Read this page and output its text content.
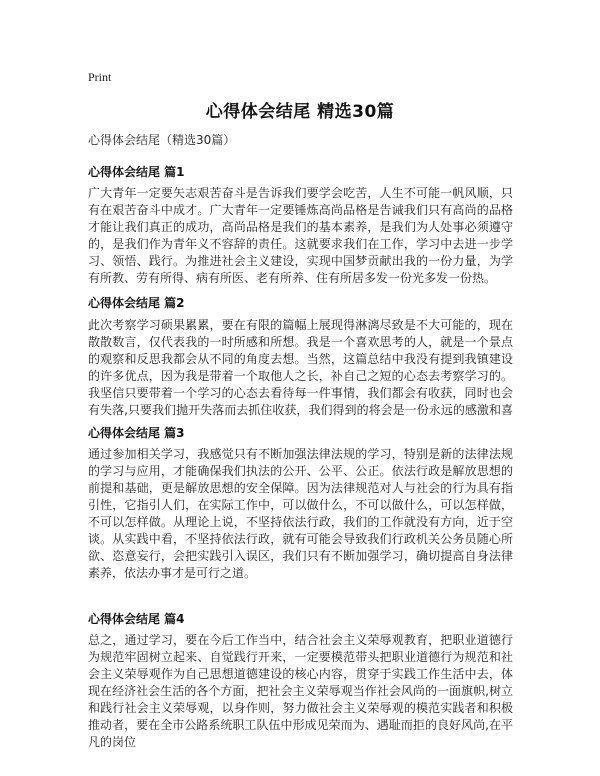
Print
心得体会结尾 精选30篇
心得体会结尾（精选30篇）
心得体会结尾 篇1
广大青年一定要矢志艰苦奋斗是告诉我们要学会吃苦，人生不可能一帆风顺，只有在艰苦奋斗中成才。广大青年一定要锤炼高尚品格是告诫我们只有高尚的品格才能让我们真正的成功，高尚品格是我们的基本素养，是我们为人处事必须遵守的，是我们作为青年义不容辞的责任。这就要求我们在工作，学习中去进一步学习、领悟、践行。为推进社会主义建设，实现中国梦贡献出我的一份力量，为学有所教、劳有所得、病有所医、老有所养、住有所居多发一份光多发一份热。
心得体会结尾 篇2
此次考察学习硕果累累，要在有限的篇幅上展现得淋漓尽致是不大可能的，现在散散数言，仅代表我的一时所感和所想。我是一个喜欢思考的人，就是一个景点的观察和反思我都会从不同的角度去想。当然，这篇总结中我没有提到我镇建设的许多优点，因为我是带着一个取他人之长，补自己之短的心态去考察学习的。我坚信只要带着一个学习的心态去看待每一件事情，我们都会有收获，同时也会有失落,只要我们抛开失落而去抓住收获，我们得到的将会是一份永远的感激和喜
心得体会结尾 篇3
通过参加相关学习，我感觉只有不断加强法律法规的学习，特别是新的法律法规的学习与应用，才能确保我们执法的公开、公平、公正。依法行政是解放思想的前提和基础，更是解放思想的安全保障。因为法律规范对人与社会的行为具有指引性，它指引人们，在实际工作中，可以做什么，不可以做什么，可以怎样做，不可以怎样做。从理论上说，不坚持依法行政，我们的工作就没有方向，近于空谈。从实践中看，不坚持依法行政，就有可能会导致我们行政机关公务员随心所欲、恣意妄行，会把实践引入误区，我们只有不断加强学习，确切提高自身法律素养，依法办事才是可行之道。
心得体会结尾 篇4
总之，通过学习，要在今后工作当中，结合社会主义荣辱观教育，把职业道德行为规范牢固树立起来、自觉践行开来，一定要模范带头把职业道德行为规范和社会主义荣辱观作为自己思想道德建设的核心内容，贯穿于实践工作生活中去，体现在经济社会生活的各个方面，把社会主义荣辱观当作社会风尚的一面旗帜,树立和践行社会主义荣辱观，以身作则，努力做社会主义荣辱观的模范实践者和积极推动者，要在全市公路系统职工队伍中形成见荣而为、遇耻而拒的良好风尚,在平凡的岗位
